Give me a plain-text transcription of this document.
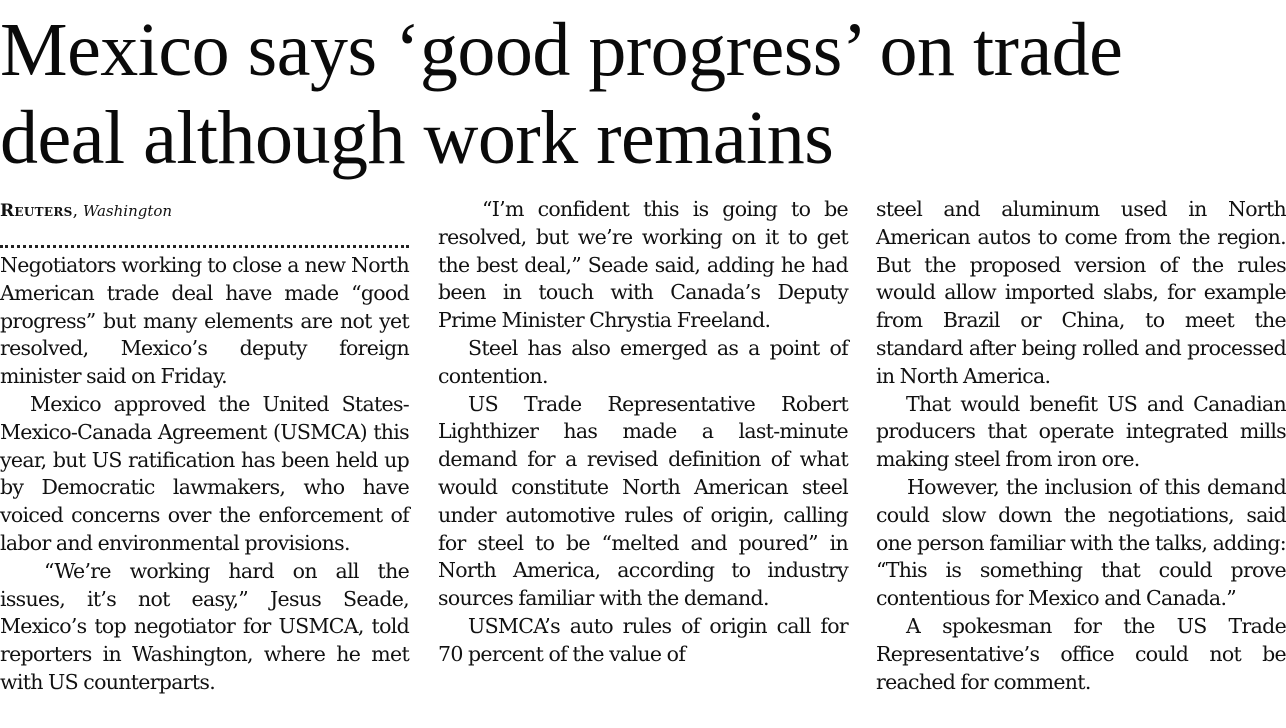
Mexico says ‘good progress’ on trade
deal although work remains
Reuters, Washington

Negotiators working to close a new North American trade deal have made “good progress” but many elements are not yet resolved, Mexico’s deputy foreign minister said on Friday.

Mexico approved the United States-Mexico-Canada Agreement (USMCA) this year, but US ratification has been held up by Democratic lawmakers, who have voiced concerns over the enforcement of labor and environmental provisions.

“We’re working hard on all the issues, it’s not easy,” Jesus Seade, Mexico’s top negotiator for USMCA, told reporters in Washington, where he met with US counterparts.

“I’m confident this is going to be resolved, but we’re working on it to get the best deal,” Seade said, adding he had been in touch with Canada’s Deputy Prime Minister Chrystia Freeland.

Steel has also emerged as a point of contention.

US Trade Representative Robert Lighthizer has made a last-minute demand for a revised definition of what would constitute North American steel under automotive rules of origin, calling for steel to be “melted and poured” in North America, according to industry sources familiar with the demand.

USMCA’s auto rules of origin call for 70 percent of the value of

steel and aluminum used in North American autos to come from the region. But the proposed version of the rules would allow imported slabs, for example from Brazil or China, to meet the standard after being rolled and processed in North America.

That would benefit US and Canadian producers that operate integrated mills making steel from iron ore.

However, the inclusion of this demand could slow down the negotiations, said one person familiar with the talks, adding: “This is something that could prove contentious for Mexico and Canada.”

A spokesman for the US Trade Representative’s office could not be reached for comment.
